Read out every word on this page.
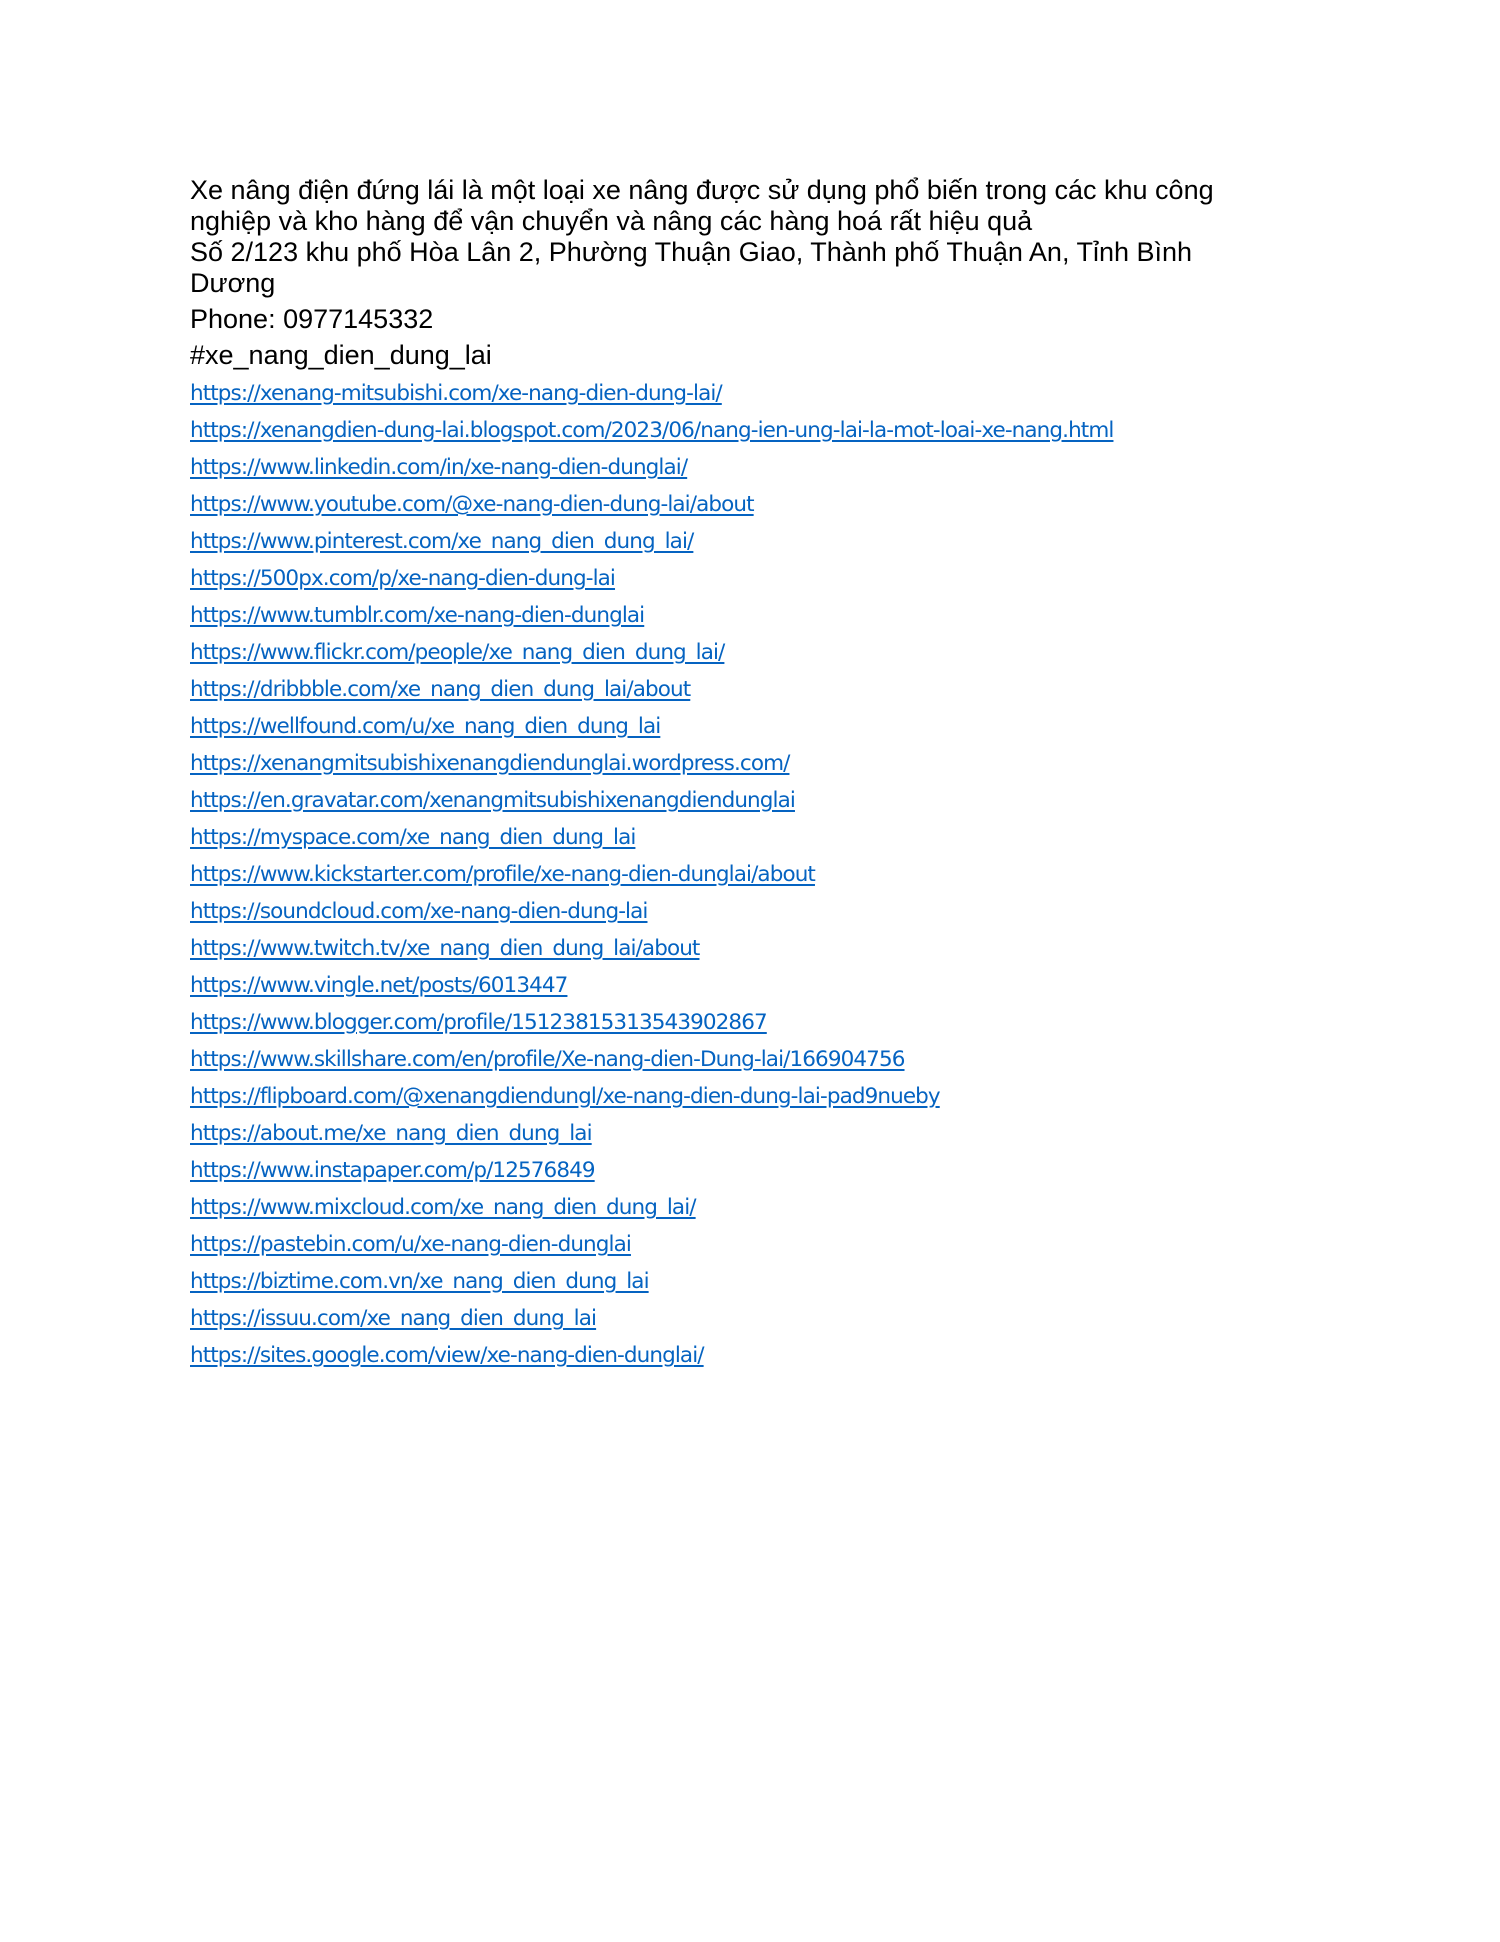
Xe nâng điện đứng lái là một loại xe nâng được sử dụng phổ biến trong các khu công
nghiệp và kho hàng để vận chuyển và nâng các hàng hoá rất hiệu quả

Số 2/123 khu phố Hòa Lân 2, Phường Thuận Giao, Thành phố Thuận An, Tỉnh Bình
Dương

Phone: 0977145332

#xe_nang_dien_dung_lai

https://xenang-mitsubishi.com/xe-nang-dien-dung-lai/
https://xenangdien-dung-lai.blogspot.com/2023/06/nang-ien-ung-lai-la-mot-loai-xe-nang.html
https://www.linkedin.com/in/xe-nang-dien-dunglai/
https://www.youtube.com/@xe-nang-dien-dung-lai/about
https://www.pinterest.com/xe_nang_dien_dung_lai/
https://500px.com/p/xe-nang-dien-dung-lai
https://www.tumblr.com/xe-nang-dien-dunglai
https://www.flickr.com/people/xe_nang_dien_dung_lai/
https://dribbble.com/xe_nang_dien_dung_lai/about
https://wellfound.com/u/xe_nang_dien_dung_lai
https://xenangmitsubishixenangdiendunglai.wordpress.com/
https://en.gravatar.com/xenangmitsubishixenangdiendunglai
https://myspace.com/xe_nang_dien_dung_lai
https://www.kickstarter.com/profile/xe-nang-dien-dunglai/about
https://soundcloud.com/xe-nang-dien-dung-lai
https://www.twitch.tv/xe_nang_dien_dung_lai/about
https://www.vingle.net/posts/6013447
https://www.blogger.com/profile/15123815313543902867
https://www.skillshare.com/en/profile/Xe-nang-dien-Dung-lai/166904756
https://flipboard.com/@xenangdiendungl/xe-nang-dien-dung-lai-pad9nueby
https://about.me/xe_nang_dien_dung_lai
https://www.instapaper.com/p/12576849
https://www.mixcloud.com/xe_nang_dien_dung_lai/
https://pastebin.com/u/xe-nang-dien-dunglai
https://biztime.com.vn/xe_nang_dien_dung_lai
https://issuu.com/xe_nang_dien_dung_lai
https://sites.google.com/view/xe-nang-dien-dunglai/
